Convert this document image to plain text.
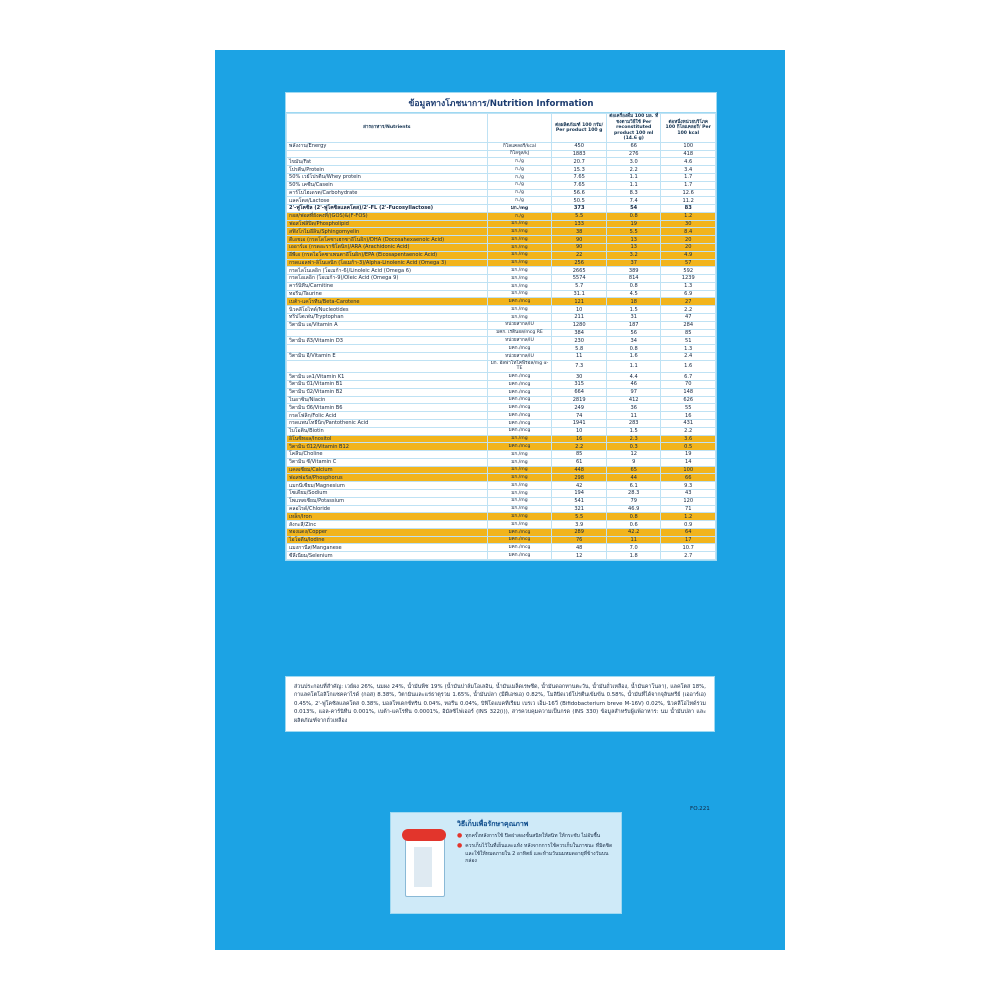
ข้อมูลทางโภชนาการ/Nutrition Information
สารอาหาร/Nutrients		ต่อผลิตภัณฑ์ 100 กรัม/ Per product 100 g	ต่อเครื่องดื่ม 100 มล. ที่ชงตามวิธีใช้ Per reconstituted product 100 ml (14.6 g)	ต่อหนึ่งหน่วยบริโภค 100 กิโลแคลอรี/ Per 100 kcal
พลังงาน/Energy	กิโลแคลอรี/kcal	450	66	100
	กิโลจูล/kJ	1883	276	418
ไขมัน/Fat	ก./g	20.7	3.0	4.6
โปรตีน/Protein	ก./g	15.3	2.2	3.4
50% เวย์โปรตีน/Whey protein	ก./g	7.65	1.1	1.7
50% เคซีน/Casein	ก./g	7.65	1.1	1.7
คาร์โบไฮเดรต/Carbohydrate	ก./g	56.6	8.3	12.6
แลคโตส/Lactose	ก./g	50.5	7.4	11.2
2'-ฟูโคซิล (2'-ฟูโคซิลแลคโตส)/2'-FL (2'-Fucosyllactose)	มก./mg	373	54	83
กอส/ฟอสที่ยังคงที่/(GOS)&(F-FOS)	ก./g	5.5	0.8	1.2
ฟอสโฟลิปิด/Phospholipid	มก./mg	133	19	30
สฟิงโกไมอีลิน/Sphingomyelin	มก./mg	38	5.5	8.4
ดีเอชเอ (กรดโดโคซาเฮกซาอีโนอิก)/DHA (Docosahexaenoic Acid)	มก./mg	90	13	20
เออาร์เอ (กรดอะราชิโดนิก)/ARA (Arachidonic Acid)	มก./mg	90	13	20
อีพีเอ (กรดไอโคซาเพนตาอีโนอิก)/EPA (Eicosapentaenoic Acid)	มก./mg	22	3.2	4.9
กรดแอลฟา-ลิโนเลนิก (โอเมก้า-3)/Alpha-Linolenic Acid (Omega 3)	มก./mg	256	37	57
กรดไลโนเลอิก (โอเมก้า-6)/Linoleic Acid (Omega 6)	มก./mg	2665	389	592
กรดโอเลอิก (โอเมก้า-9)/Oleic Acid (Omega 9)	มก./mg	5574	814	1239
คาร์นิทีน/Carnitine	มก./mg	5.7	0.8	1.3
ทอรีน/Taurine	มก./mg	31.1	4.5	6.9
เบต้า-แคโรทีน/Beta-Carotene	มคก./mcg	121	18	27
นิวคลีโอไทด์/Nucleotides	มก./mg	10	1.5	2.2
ทริปโตเฟน/Tryptophan	มก./mg	211	31	47
วิตามิน เอ/Vitamin A	หน่วยสากล/IU	1280	187	284
	มคก. เรตินอล/mcg RE	384	56	85
วิตามิน ดี3/Vitamin D3	หน่วยสากล/IU	230	34	51
	มคก./mcg	5.8	0.8	1.3
วิตามิน อี/Vitamin E	หน่วยสากล/IU	11	1.6	2.4
	มก. อัลฟาโทโคฟีรอล/mg α-TE	7.3	1.1	1.6
วิตามิน เค1/Vitamin K1	มคก./mcg	30	4.4	6.7
วิตามิน บี1/Vitamin B1	มคก./mcg	315	46	70
วิตามิน บี2/Vitamin B2	มคก./mcg	664	97	148
ไนอาซิน/Niacin	มคก./mcg	2819	412	626
วิตามิน บี6/Vitamin B6	มคก./mcg	249	36	55
กรดโฟลิก/Folic Acid	มคก./mcg	74	11	16
กรดแพนโทธีนิก/Pantothenic Acid	มคก./mcg	1941	283	431
ไบโอติน/Biotin	มคก./mcg	10	1.5	2.2
อิโนซิทอล/Inositol	มก./mg	16	2.3	3.6
วิตามิน บี12/Vitamin B12	มคก./mcg	2.2	0.3	0.5
โคลีน/Choline	มก./mg	85	12	19
วิตามิน ซี/Vitamin C	มก./mg	61	9	14
แคลเซียม/Calcium	มก./mg	448	65	100
ฟอสฟอรัส/Phosphorus	มก./mg	298	44	66
แมกนีเซียม/Magnesium	มก./mg	42	6.1	9.3
โซเดียม/Sodium	มก./mg	194	28.3	43
โพแทสเซียม/Potassium	มก./mg	541	79	120
คลอไรด์/Chloride	มก./mg	321	46.9	71
เหล็ก/Iron	มก./mg	5.5	0.8	1.2
สังกะสี/Zinc	มก./mg	3.9	0.6	0.9
ทองแดง/Copper	มคก./mcg	289	42.2	64
ไอโอดีน/Iodine	มคก./mcg	76	11	17
แมงกานีส/Manganese	มคก./mcg	48	7.0	10.7
ซีลีเนียม/Selenium	มคก./mcg	12	1.8	2.7
ส่วนประกอบที่สำคัญ: เวย์ผง 26%, นมผง 24%, น้ำมันพืช 19% (น้ำมันปาล์มโอเลอิน, น้ำมันเมล็ดเรพซีด, น้ำมันดอกทานตะวัน, น้ำมันถั่วเหลือง, น้ำมันคาโนลา), แลคโตส 18%, กาแลคโตโอลิโกแซคคาไรด์ (กอส) 8.38%, วิตามินและแร่ธาตุรวม 1.65%, น้ำมันปลา (มีดีเอชเอ) 0.82%, โมลิปิดเวย์โปรตีนเข้มข้น 0.58%, น้ำมันที่ได้จากจุลินทรีย์ (เออาร์เอ) 0.45%, 2'-ฟูโคซิลแลคโตส 0.38%, มอลโทเดกซ์ทริน 0.04%, ทอรีน 0.04%, บิฟิโดแบคทีเรียม เบรเว เอ็ม-16วี (Bifidobacterium breve M-16V) 0.02%, นิวคลีโอไทด์รวม 0.013%, แอล-คาร์นิทีน 0.001%, เบต้า-แคโรทีน 0.0001%, อิมัลซิไฟเออร์ (INS 322(i)), สารควบคุมความเป็นกรด (INS 330) ข้อมูลสำหรับผู้แพ้อาหาร: นม น้ำมันปลา และผลิตภัณฑ์จากถั่วเหลือง
FO.221
วิธีเก็บเพื่อรักษาคุณภาพ
● ทุกครั้งหลังการใช้ ปิดฝาสองชั้นสนิทให้สนิท ให้กระชับ ไม่อับชื้น
● ควรเก็บไว้ในที่เย็นและแห้ง หลังจากการใช้ควรเก็บในภาชนะ ที่มิดชิดและใช้ให้หมดภายใน 2 อาทิตย์ และห้ามวันนมหมดอายุที่ข้างวันบนกล่อง
